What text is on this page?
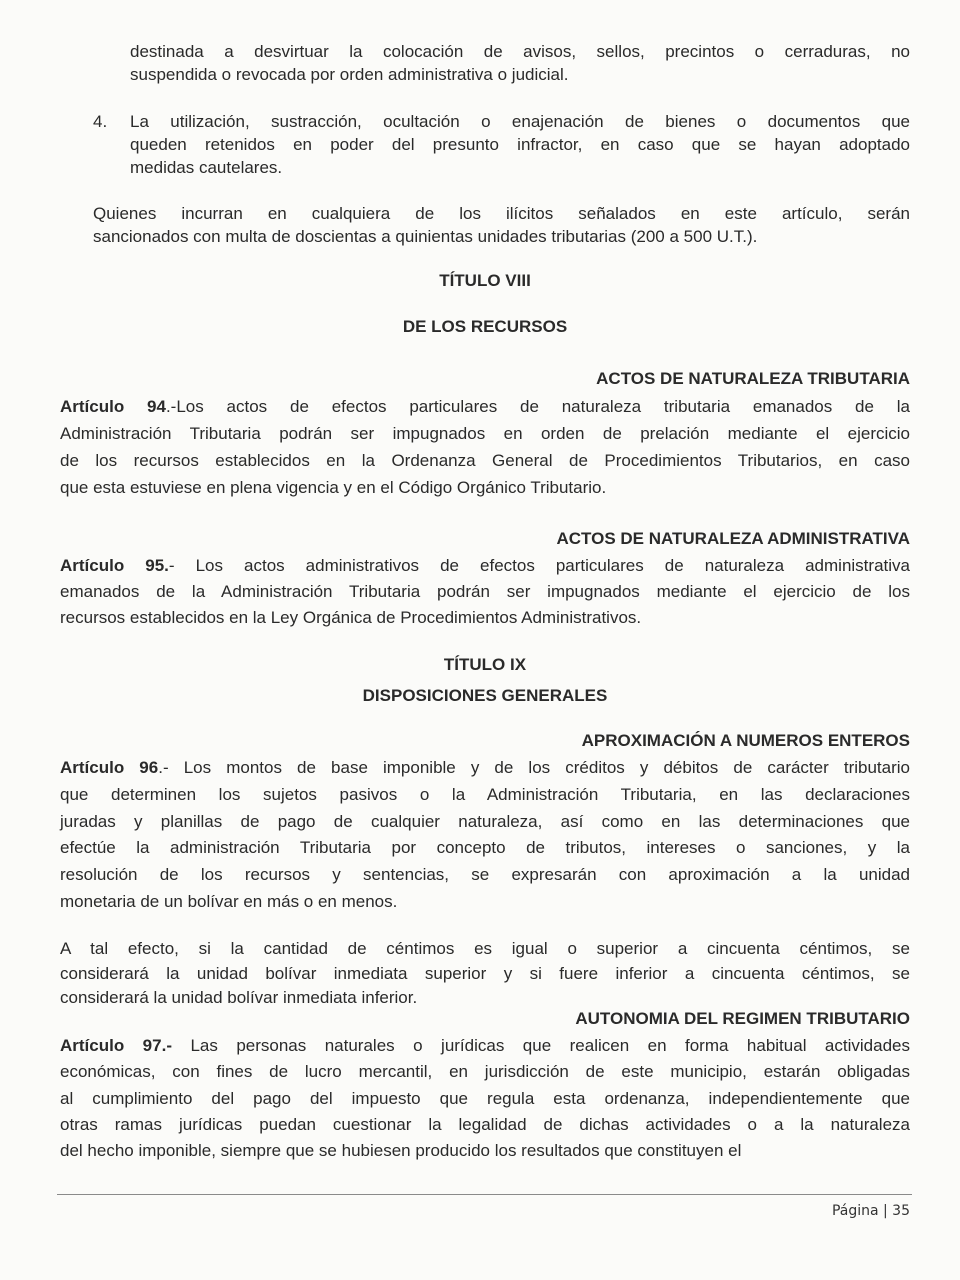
destinada a desvirtuar la colocación de avisos, sellos, precintos o cerraduras, no
suspendida o revocada por orden administrativa o judicial.
4. La utilización, sustracción, ocultación o enajenación de bienes o documentos que
queden retenidos en poder del presunto infractor, en caso que se hayan adoptado
medidas cautelares.
Quienes incurran en cualquiera de los ilícitos señalados en este artículo, serán
sancionados con multa de doscientas a quinientas unidades tributarias (200 a 500 U.T.).
TÍTULO VIII
DE LOS RECURSOS
ACTOS DE NATURALEZA TRIBUTARIA
Artículo 94.-Los actos de efectos particulares de naturaleza tributaria emanados de la
Administración Tributaria podrán ser impugnados en orden de prelación mediante el ejercicio
de los recursos establecidos en la Ordenanza General de Procedimientos Tributarios, en caso
que esta estuviese en plena vigencia y en el Código Orgánico Tributario.
ACTOS DE NATURALEZA ADMINISTRATIVA
Artículo 95.- Los actos administrativos de efectos particulares de naturaleza administrativa
emanados de la Administración Tributaria podrán ser impugnados mediante el ejercicio de los
recursos establecidos en la Ley Orgánica de Procedimientos Administrativos.
TÍTULO IX
DISPOSICIONES GENERALES
APROXIMACIÓN A NUMEROS ENTEROS
Artículo 96.- Los montos de base imponible y de los créditos y débitos de carácter tributario
que determinen los sujetos pasivos o la Administración Tributaria, en las declaraciones
juradas y planillas de pago de cualquier naturaleza, así como en las determinaciones que
efectúe la administración Tributaria por concepto de tributos, intereses o sanciones, y la
resolución de los recursos y sentencias, se expresarán con aproximación a la unidad
monetaria de un bolívar en más o en menos.
A tal efecto, si la cantidad de céntimos es igual o superior a cincuenta céntimos, se
considerará la unidad bolívar inmediata superior y si fuere inferior a cincuenta céntimos, se
considerará la unidad bolívar inmediata inferior.
AUTONOMIA DEL REGIMEN TRIBUTARIO
Artículo 97.- Las personas naturales o jurídicas que realicen en forma habitual actividades
económicas, con fines de lucro mercantil, en jurisdicción de este municipio, estarán obligadas
al cumplimiento del pago del impuesto que regula esta ordenanza, independientemente que
otras ramas jurídicas puedan cuestionar la legalidad de dichas actividades o a la naturaleza
del hecho imponible, siempre que se hubiesen producido los resultados que constituyen el
Página | 35
